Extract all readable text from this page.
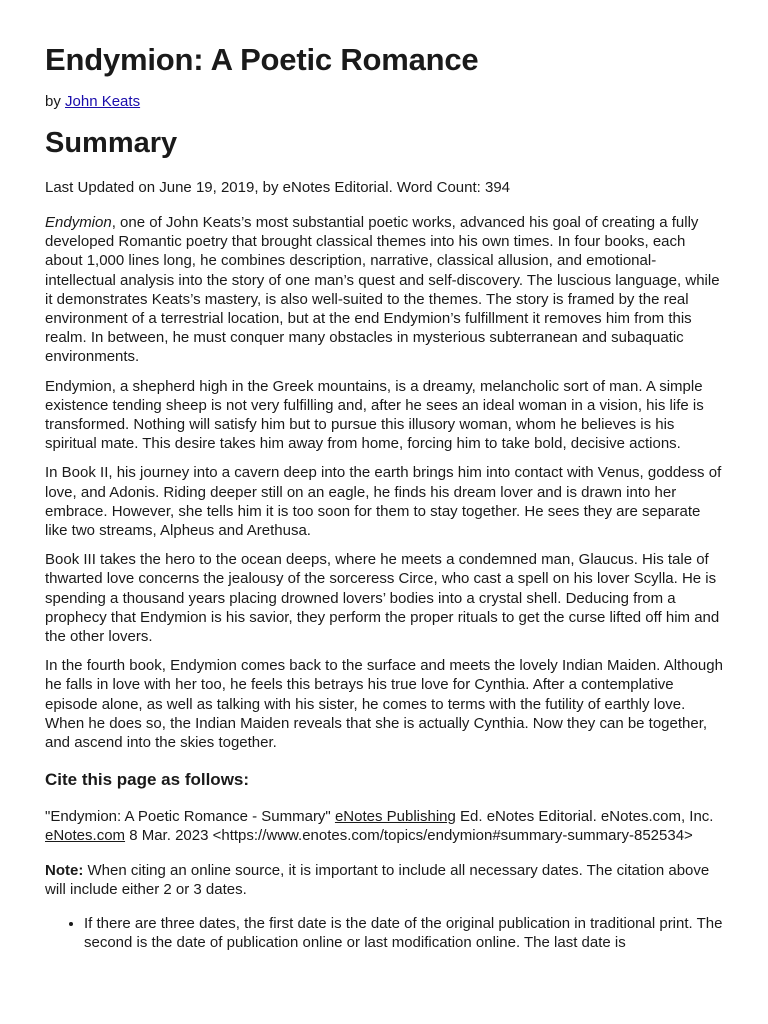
Endymion: A Poetic Romance
by John Keats
Summary
Last Updated on June 19, 2019, by eNotes Editorial. Word Count: 394

Endymion, one of John Keats’s most substantial poetic works, advanced his goal of creating a fully developed Romantic poetry that brought classical themes into his own times. In four books, each about 1,000 lines long, he combines description, narrative, classical allusion, and emotional-intellectual analysis into the story of one man’s quest and self-discovery. The luscious language, while it demonstrates Keats’s mastery, is also well-suited to the themes. The story is framed by the real environment of a terrestrial location, but at the end Endymion’s fulfillment it removes him from this realm. In between, he must conquer many obstacles in mysterious subterranean and subaquatic environments.

Endymion, a shepherd high in the Greek mountains, is a dreamy, melancholic sort of man. A simple existence tending sheep is not very fulfilling and, after he sees an ideal woman in a vision, his life is transformed. Nothing will satisfy him but to pursue this illusory woman, whom he believes is his spiritual mate. This desire takes him away from home, forcing him to take bold, decisive actions.

In Book II, his journey into a cavern deep into the earth brings him into contact with Venus, goddess of love, and Adonis. Riding deeper still on an eagle, he finds his dream lover and is drawn into her embrace. However, she tells him it is too soon for them to stay together. He sees they are separate like two streams, Alpheus and Arethusa.

Book III takes the hero to the ocean deeps, where he meets a condemned man, Glaucus. His tale of thwarted love concerns the jealousy of the sorceress Circe, who cast a spell on his lover Scylla. He is spending a thousand years placing drowned lovers’ bodies into a crystal shell. Deducing from a prophecy that Endymion is his savior, they perform the proper rituals to get the curse lifted off him and the other lovers.

In the fourth book, Endymion comes back to the surface and meets the lovely Indian Maiden. Although he falls in love with her too, he feels this betrays his true love for Cynthia. After a contemplative episode alone, as well as talking with his sister, he comes to terms with the futility of earthly love. When he does so, the Indian Maiden reveals that she is actually Cynthia. Now they can be together, and ascend into the skies together.

Cite this page as follows:
"Endymion: A Poetic Romance - Summary" eNotes Publishing Ed. eNotes Editorial. eNotes.com, Inc. eNotes.com 8 Mar. 2023 <https://www.enotes.com/topics/endymion#summary-summary-852534>
Note: When citing an online source, it is important to include all necessary dates. The citation above will include either 2 or 3 dates.
• If there are three dates, the first date is the date of the original publication in traditional print. The second is the date of publication online or last modification online. The last date is
